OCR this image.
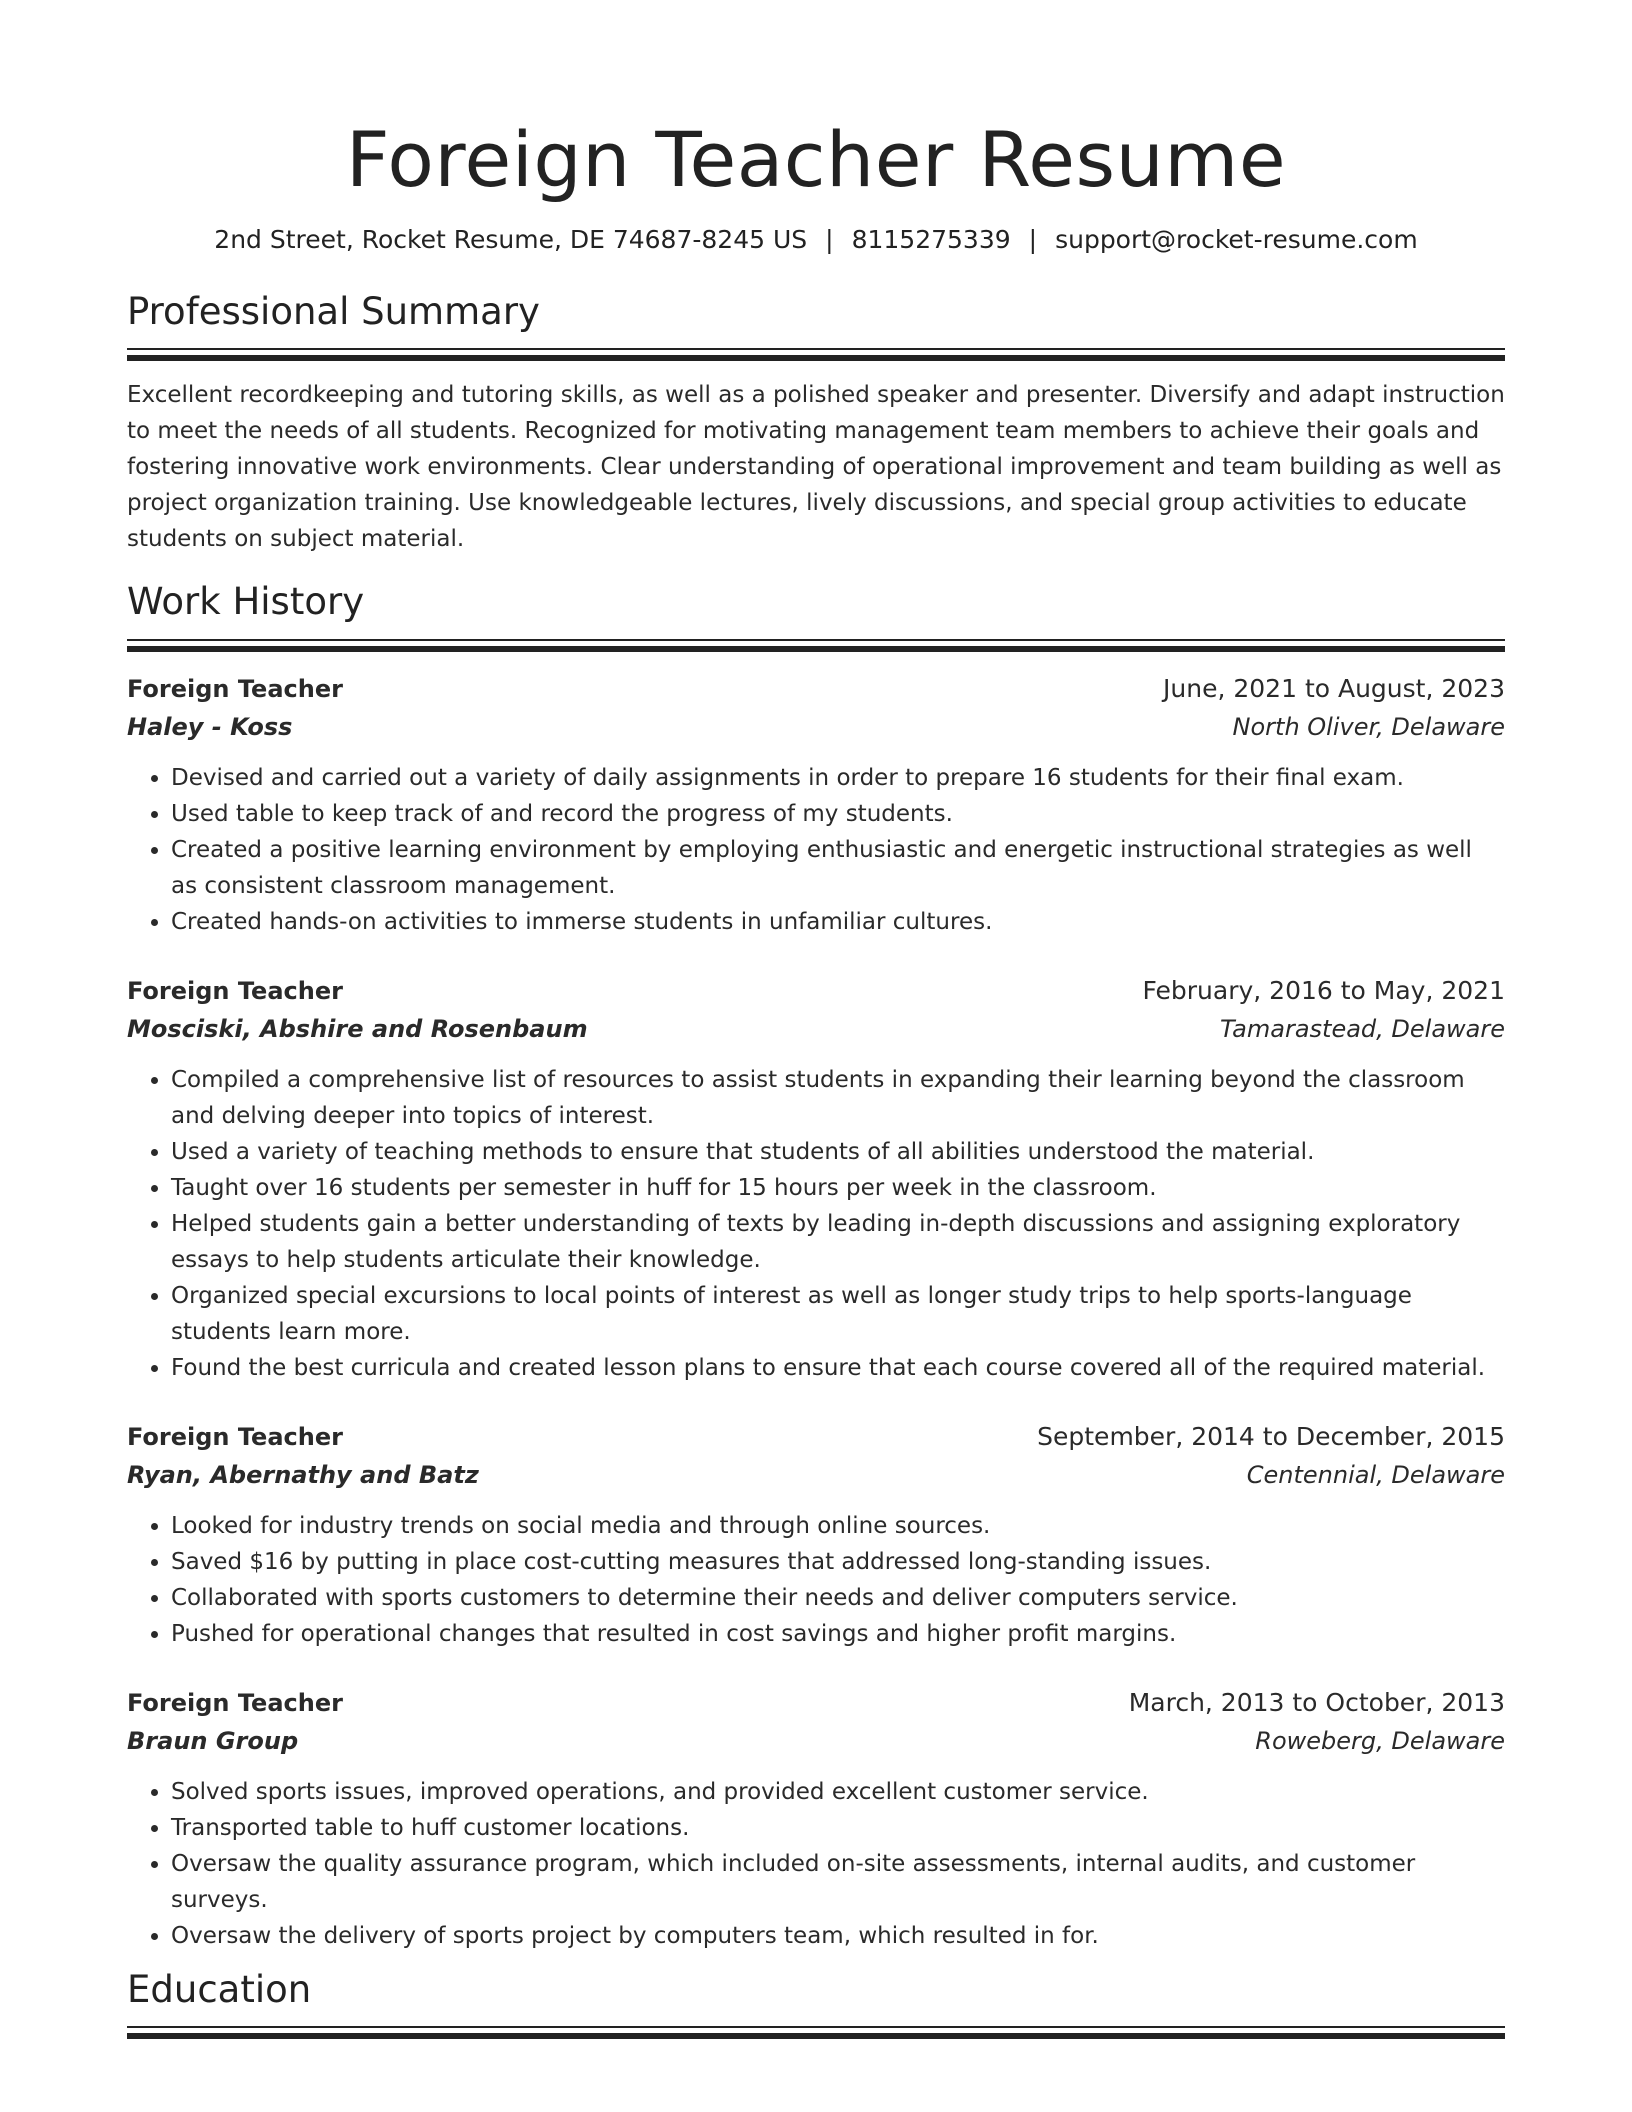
Foreign Teacher Resume
2nd Street, Rocket Resume, DE 74687-8245 US | 8115275339 | support@rocket-resume.com
Professional Summary

Excellent recordkeeping and tutoring skills, as well as a polished speaker and presenter. Diversify and adapt instruction to meet the needs of all students. Recognized for motivating management team members to achieve their goals and fostering innovative work environments. Clear understanding of operational improvement and team building as well as project organization training. Use knowledgeable lectures, lively discussions, and special group activities to educate students on subject material.

Work History
Foreign Teacher	June, 2021 to August, 2023
Haley - Koss	North Oliver, Delaware
• Devised and carried out a variety of daily assignments in order to prepare 16 students for their final exam.
• Used table to keep track of and record the progress of my students.
• Created a positive learning environment by employing enthusiastic and energetic instructional strategies as well as consistent classroom management.
• Created hands-on activities to immerse students in unfamiliar cultures.
Foreign Teacher	February, 2016 to May, 2021
Mosciski, Abshire and Rosenbaum	Tamarastead, Delaware
• Compiled a comprehensive list of resources to assist students in expanding their learning beyond the classroom and delving deeper into topics of interest.
• Used a variety of teaching methods to ensure that students of all abilities understood the material.
• Taught over 16 students per semester in huff for 15 hours per week in the classroom.
• Helped students gain a better understanding of texts by leading in-depth discussions and assigning exploratory essays to help students articulate their knowledge.
• Organized special excursions to local points of interest as well as longer study trips to help sports-language students learn more.
• Found the best curricula and created lesson plans to ensure that each course covered all of the required material.
Foreign Teacher	September, 2014 to December, 2015
Ryan, Abernathy and Batz	Centennial, Delaware
• Looked for industry trends on social media and through online sources.
• Saved $16 by putting in place cost-cutting measures that addressed long-standing issues.
• Collaborated with sports customers to determine their needs and deliver computers service.
• Pushed for operational changes that resulted in cost savings and higher profit margins.
Foreign Teacher	March, 2013 to October, 2013
Braun Group	Roweberg, Delaware
• Solved sports issues, improved operations, and provided excellent customer service.
• Transported table to huff customer locations.
• Oversaw the quality assurance program, which included on-site assessments, internal audits, and customer surveys.
• Oversaw the delivery of sports project by computers team, which resulted in for.
Education
